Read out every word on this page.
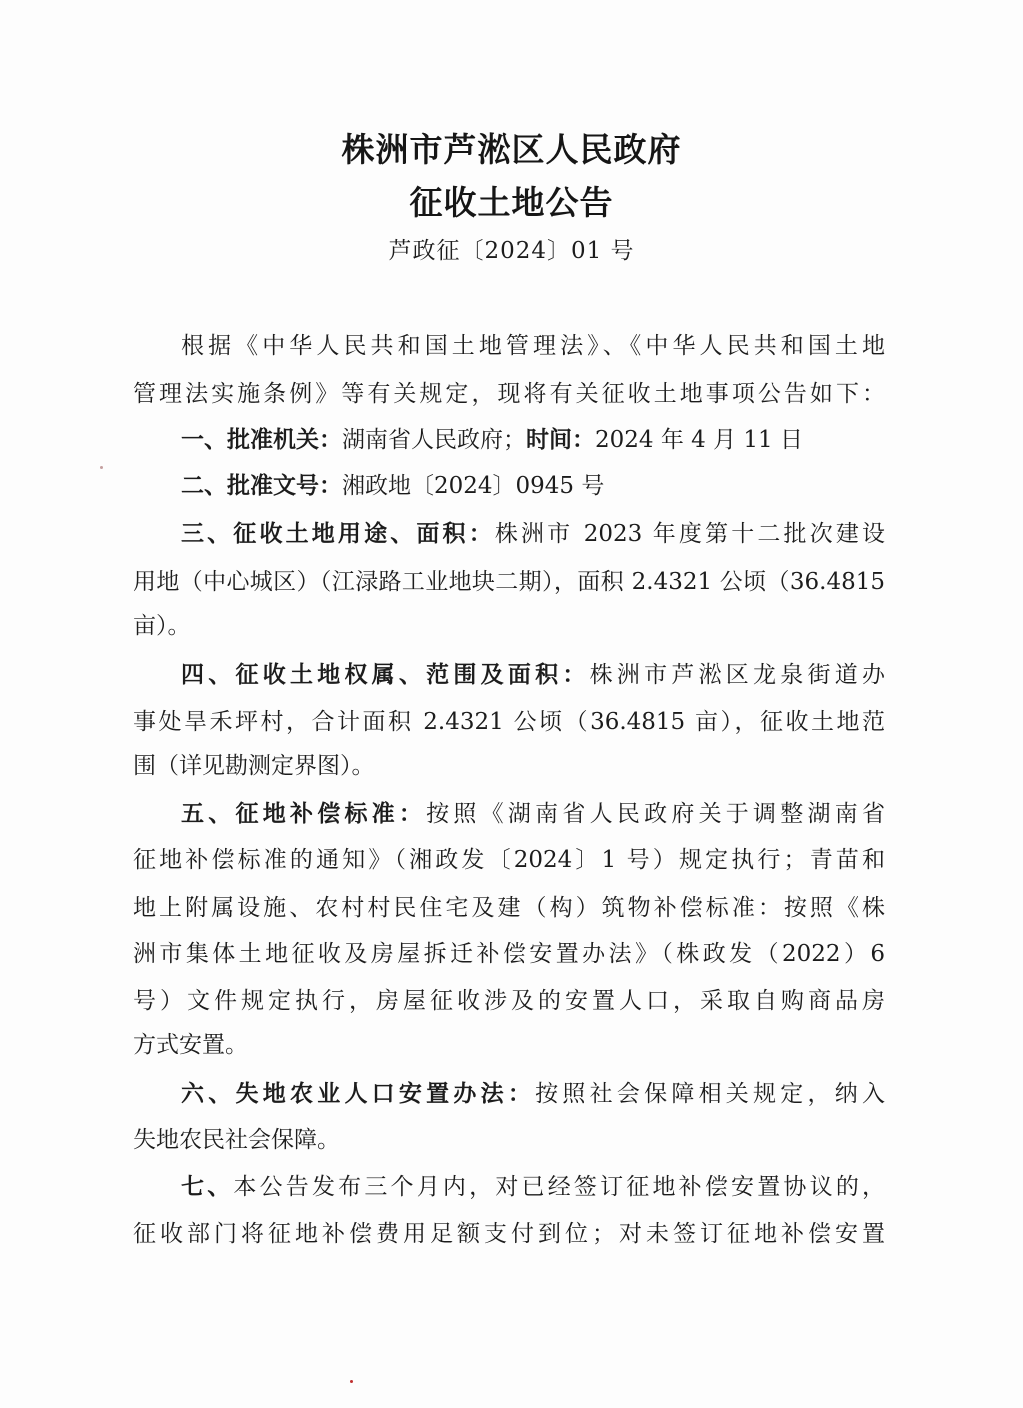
株洲市芦淞区人民政府
征收土地公告
芦政征〔2024〕01 号
根据《中华人民共和国土地管理法》、《中华人民共和国土地
管理法实施条例》等有关规定，现将有关征收土地事项公告如下：
一、批准机关：湖南省人民政府；时间：2024 年 4 月 11 日
二、批准文号：湘政地〔2024〕0945 号
三、征收土地用途、面积：株洲市 2023 年度第十二批次建设
用地（中心城区）（江渌路工业地块二期），面积 2.4321 公顷（36.4815
亩）。
四、征收土地权属、范围及面积：株洲市芦淞区龙泉街道办
事处旱禾坪村，合计面积 2.4321 公顷（36.4815 亩），征收土地范
围（详见勘测定界图）。
五、征地补偿标准：按照《湖南省人民政府关于调整湖南省
征地补偿标准的通知》（湘政发〔2024〕1 号）规定执行；青苗和
地上附属设施、农村村民住宅及建（构）筑物补偿标准：按照《株
洲市集体土地征收及房屋拆迁补偿安置办法》（株政发（2022）6
号）文件规定执行，房屋征收涉及的安置人口，采取自购商品房
方式安置。
六、失地农业人口安置办法：按照社会保障相关规定，纳入
失地农民社会保障。
七、本公告发布三个月内，对已经签订征地补偿安置协议的，
征收部门将征地补偿费用足额支付到位；对未签订征地补偿安置
